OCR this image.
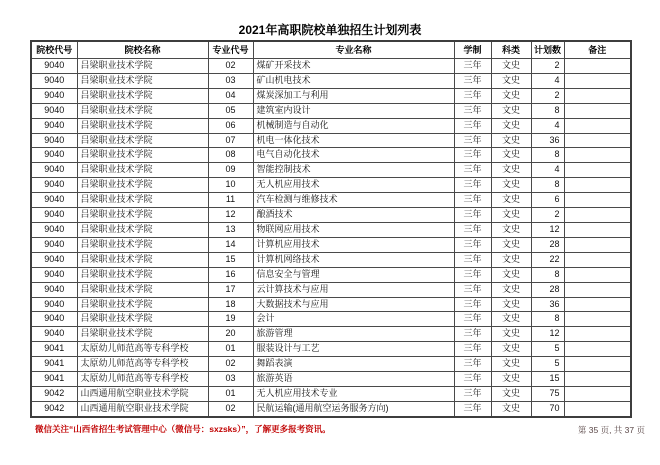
2021年高职院校单独招生计划列表
院校代号	院校名称	专业代号	专业名称	学制	科类	计划数	备注
9040	吕梁职业技术学院	02	煤矿开采技术	三年	文史	2	
9040	吕梁职业技术学院	03	矿山机电技术	三年	文史	4	
9040	吕梁职业技术学院	04	煤炭深加工与利用	三年	文史	2	
9040	吕梁职业技术学院	05	建筑室内设计	三年	文史	8	
9040	吕梁职业技术学院	06	机械制造与自动化	三年	文史	4	
9040	吕梁职业技术学院	07	机电一体化技术	三年	文史	36	
9040	吕梁职业技术学院	08	电气自动化技术	三年	文史	8	
9040	吕梁职业技术学院	09	智能控制技术	三年	文史	4	
9040	吕梁职业技术学院	10	无人机应用技术	三年	文史	8	
9040	吕梁职业技术学院	11	汽车检测与维修技术	三年	文史	6	
9040	吕梁职业技术学院	12	酿酒技术	三年	文史	2	
9040	吕梁职业技术学院	13	物联网应用技术	三年	文史	12	
9040	吕梁职业技术学院	14	计算机应用技术	三年	文史	28	
9040	吕梁职业技术学院	15	计算机网络技术	三年	文史	22	
9040	吕梁职业技术学院	16	信息安全与管理	三年	文史	8	
9040	吕梁职业技术学院	17	云计算技术与应用	三年	文史	28	
9040	吕梁职业技术学院	18	大数据技术与应用	三年	文史	36	
9040	吕梁职业技术学院	19	会计	三年	文史	8	
9040	吕梁职业技术学院	20	旅游管理	三年	文史	12	
9041	太原幼儿师范高等专科学校	01	服装设计与工艺	三年	文史	5	
9041	太原幼儿师范高等专科学校	02	舞蹈表演	三年	文史	5	
9041	太原幼儿师范高等专科学校	03	旅游英语	三年	文史	15	
9042	山西通用航空职业技术学院	01	无人机应用技术专业	三年	文史	75	
9042	山西通用航空职业技术学院	02	民航运输(通用航空运务服务方向)	三年	文史	70	
微信关注“山西省招生考试管理中心（微信号：sxzsks）”，了解更多报考资讯。	第 35 页, 共 37 页
